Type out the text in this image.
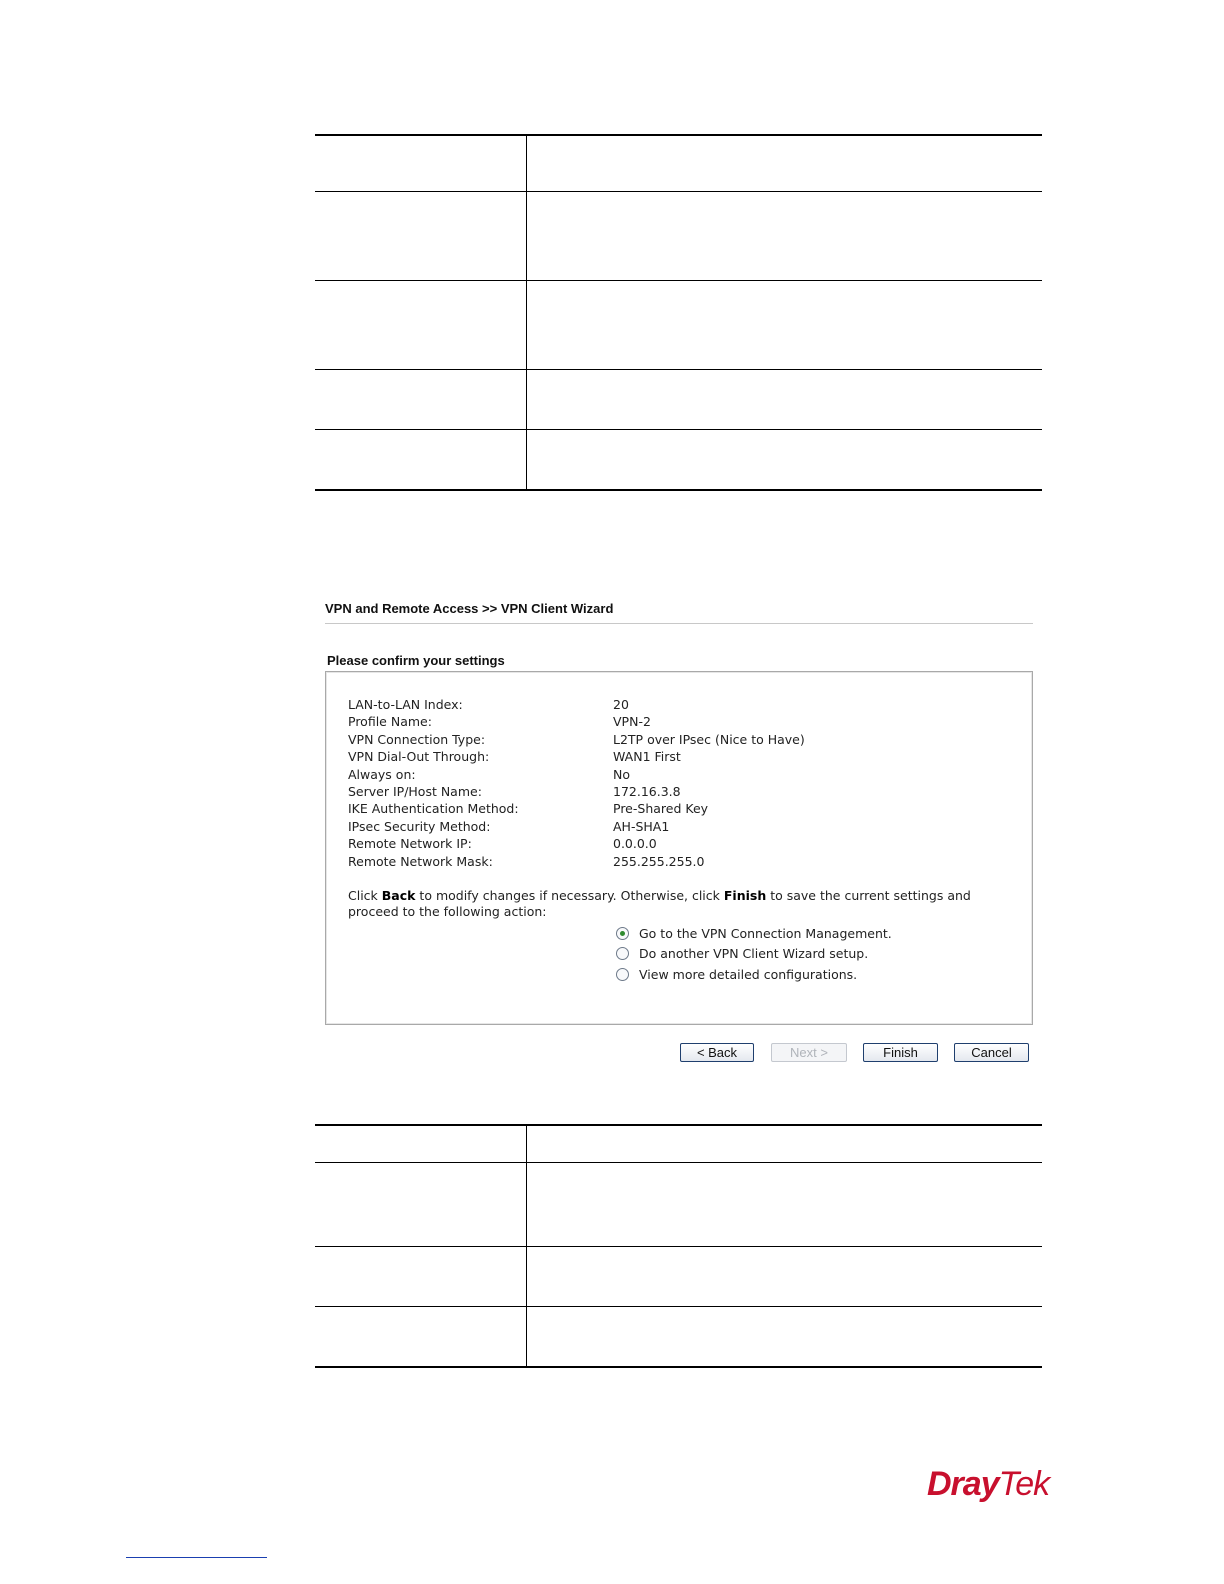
VPN and Remote Access >> VPN Client Wizard
Please confirm your settings
LAN-to-LAN Index:	20
Profile Name:	VPN-2
VPN Connection Type:	L2TP over IPsec (Nice to Have)
VPN Dial-Out Through:	WAN1 First
Always on:	No
Server IP/Host Name:	172.16.3.8
IKE Authentication Method:	Pre-Shared Key
IPsec Security Method:	AH-SHA1
Remote Network IP:	0.0.0.0
Remote Network Mask:	255.255.255.0
Click Back to modify changes if necessary. Otherwise, click Finish to save the current settings and proceed to the following action:
Go to the VPN Connection Management.
Do another VPN Client Wizard setup.
View more detailed configurations.
< Back	Next >	Finish	Cancel
DrayTek
